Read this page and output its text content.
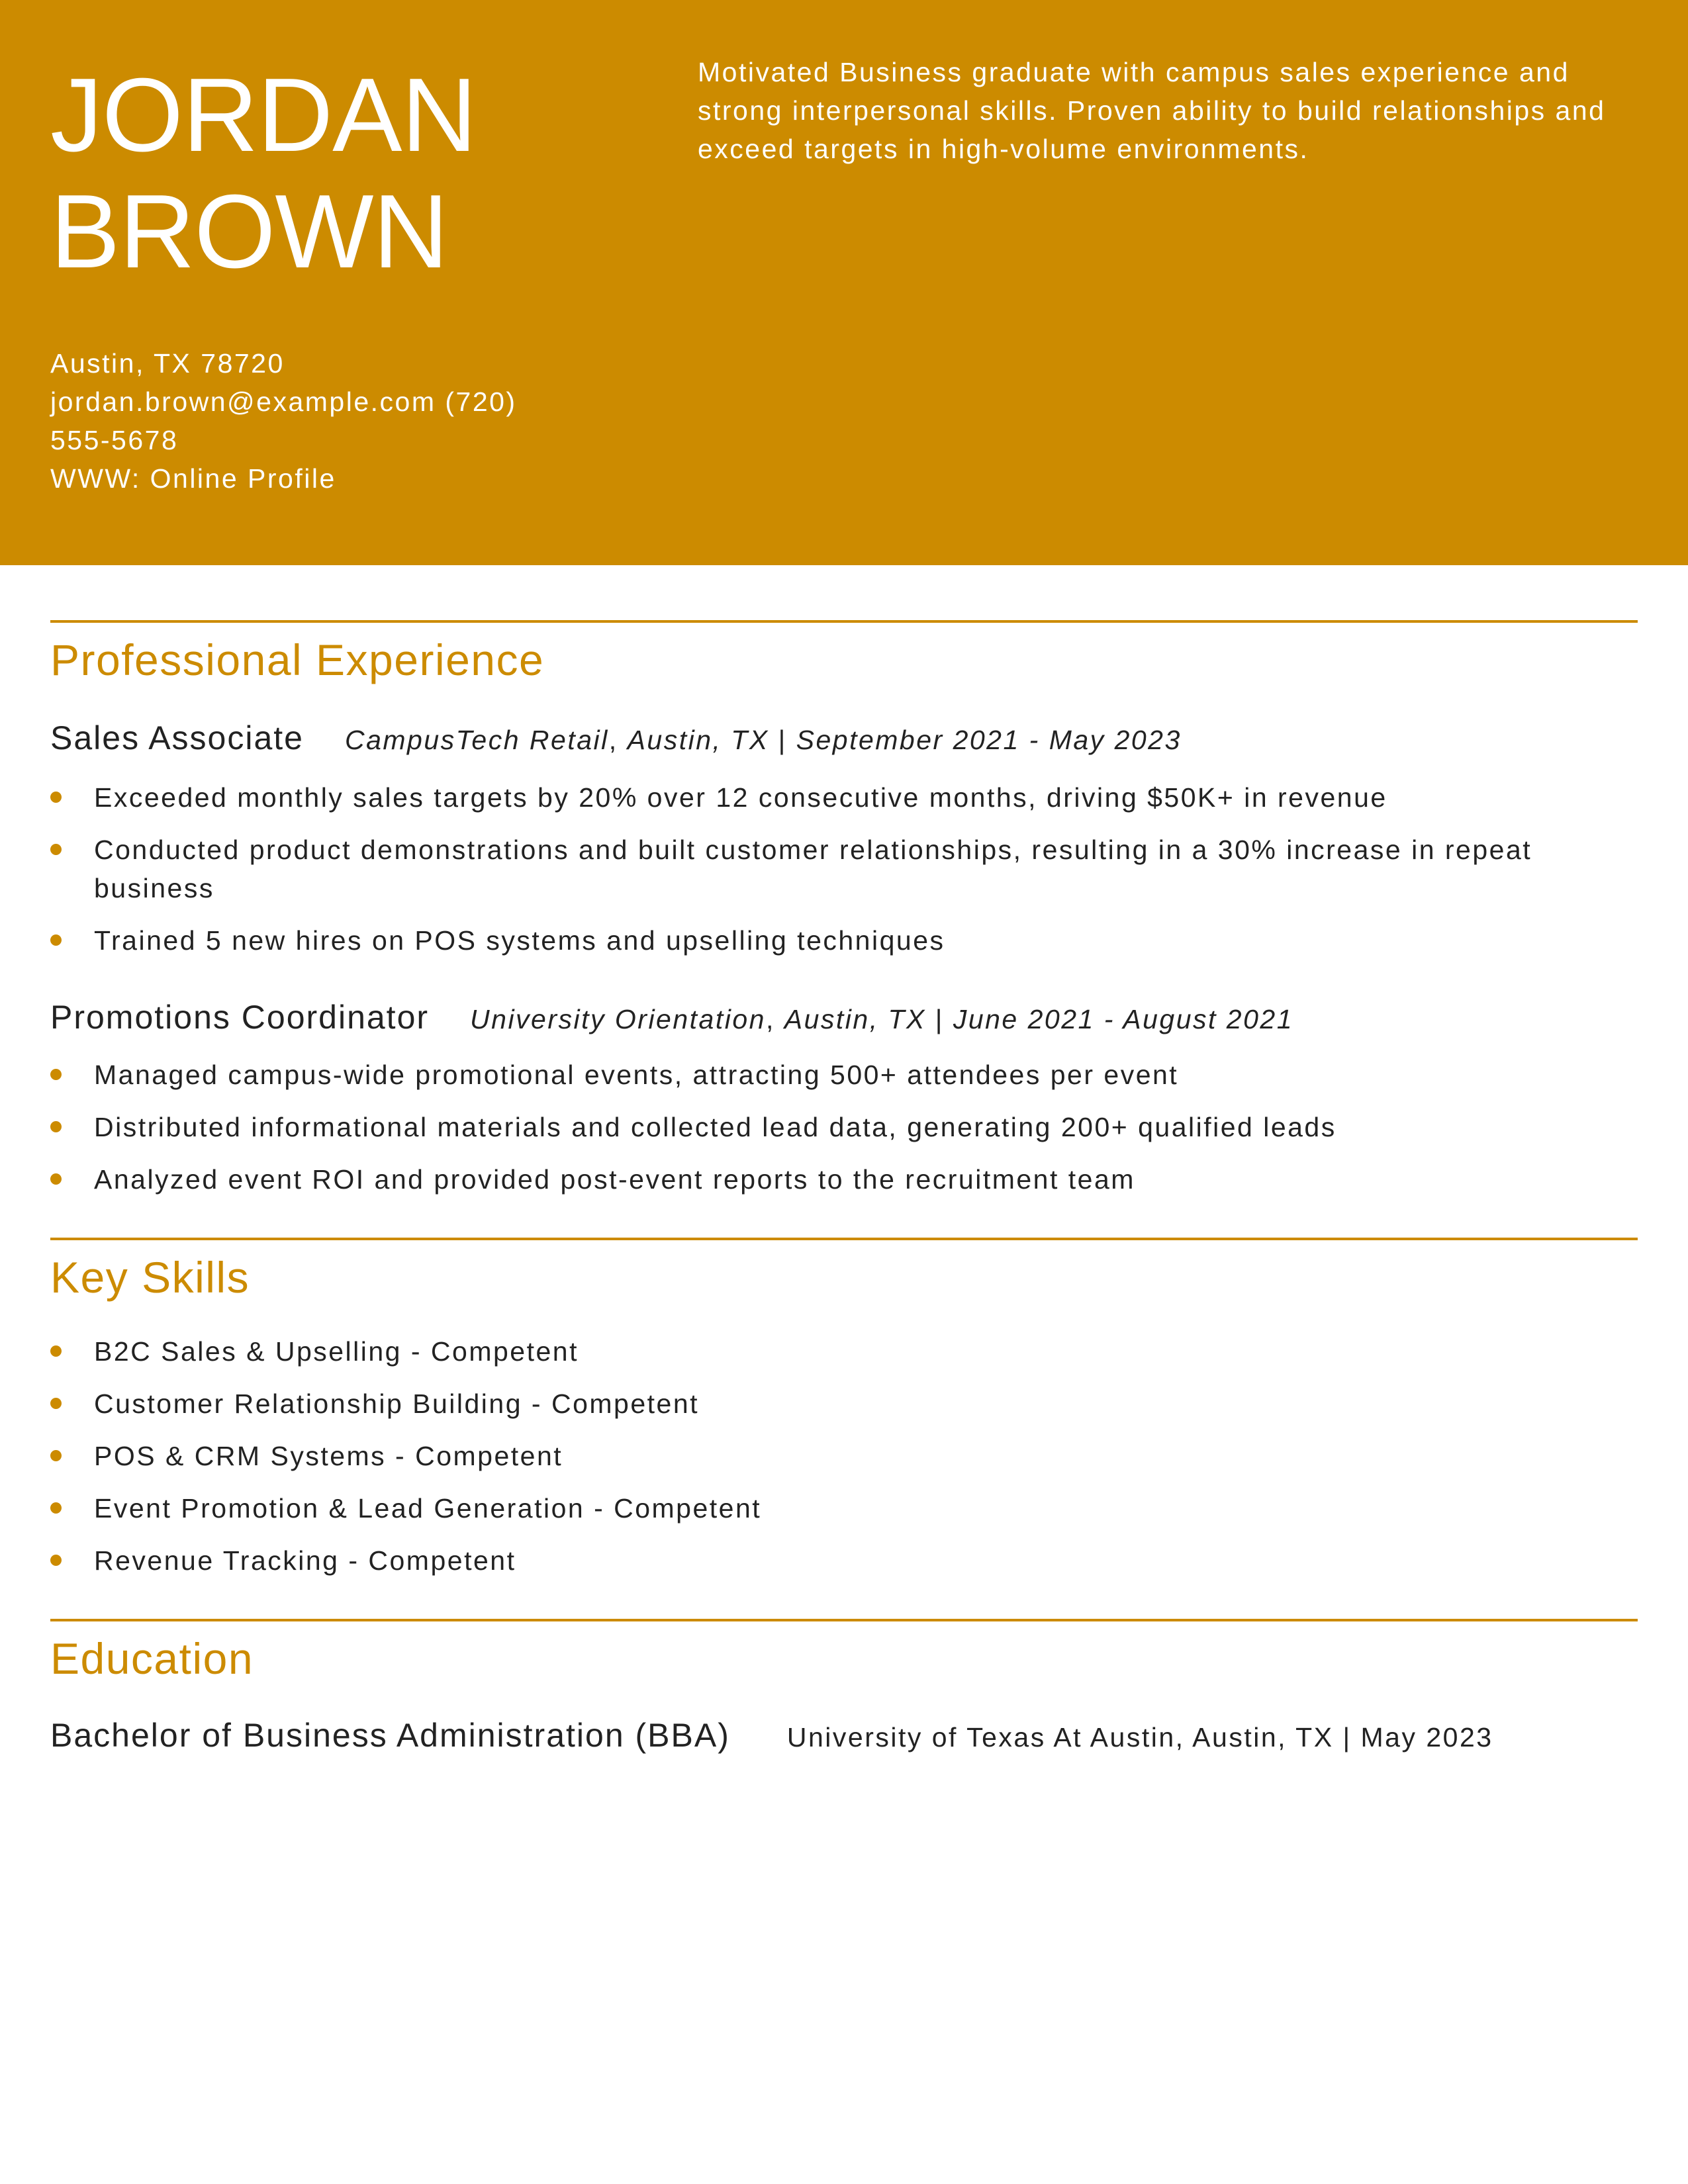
JORDAN
BROWN

Motivated Business graduate with campus sales experience and strong interpersonal skills. Proven ability to build relationships and exceed targets in high-volume environments.

Austin, TX 78720
jordan.brown@example.com (720)
555-5678
WWW: Online Profile
Professional Experience
Sales Associate CampusTech Retail, Austin, TX | September 2021 - May 2023
Exceeded monthly sales targets by 20% over 12 consecutive months, driving $50K+ in revenue
Conducted product demonstrations and built customer relationships, resulting in a 30% increase in repeat business
Trained 5 new hires on POS systems and upselling techniques
Promotions Coordinator University Orientation, Austin, TX | June 2021 - August 2021
Managed campus-wide promotional events, attracting 500+ attendees per event
Distributed informational materials and collected lead data, generating 200+ qualified leads
Analyzed event ROI and provided post-event reports to the recruitment team
Key Skills
B2C Sales & Upselling - Competent
Customer Relationship Building - Competent
POS & CRM Systems - Competent
Event Promotion & Lead Generation - Competent
Revenue Tracking - Competent
Education
Bachelor of Business Administration (BBA) University of Texas At Austin, Austin, TX | May 2023
